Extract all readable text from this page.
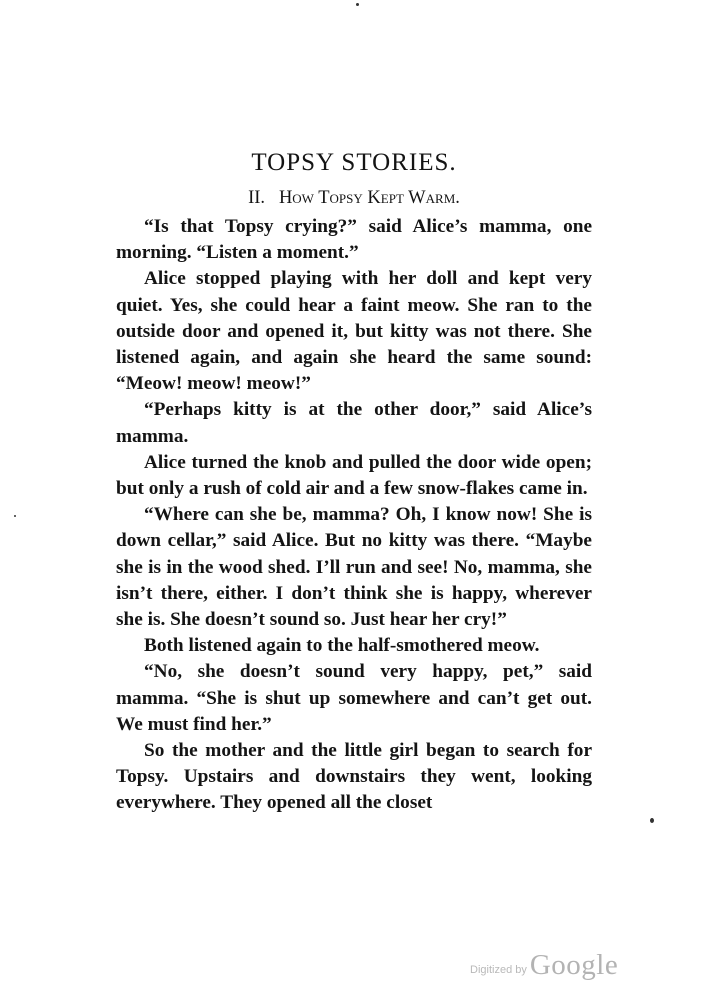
TOPSY STORIES.
II. How Topsy Kept Warm.

“Is that Topsy crying?” said Alice’s mamma, one morning. “Listen a moment.”

Alice stopped playing with her doll and kept very quiet. Yes, she could hear a faint meow. She ran to the outside door and opened it, but kitty was not there. She listened again, and again she heard the same sound: “Meow! meow! meow!”

“Perhaps kitty is at the other door,” said Alice’s mamma.

Alice turned the knob and pulled the door wide open; but only a rush of cold air and a few snow-flakes came in.

“Where can she be, mamma? Oh, I know now! She is down cellar,” said Alice. But no kitty was there. “Maybe she is in the wood shed. I’ll run and see! No, mamma, she isn’t there, either. I don’t think she is happy, wherever she is. She doesn’t sound so. Just hear her cry!”

Both listened again to the half-smothered meow.

“No, she doesn’t sound very happy, pet,” said mamma. “She is shut up somewhere and can’t get out. We must find her.”

So the mother and the little girl began to search for Topsy. Upstairs and downstairs they went, looking everywhere. They opened all the closet

Digitized by Google
